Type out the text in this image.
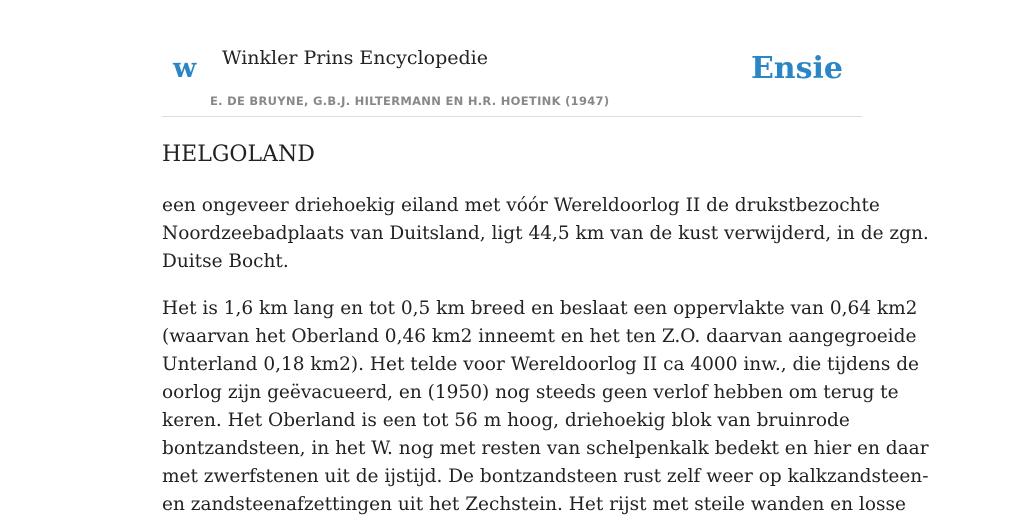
w Winkler Prins Encyclopedie
E. DE BRUYNE, G.B.J. HILTERMANN EN H.R. HOETINK (1947)
Ensie
HELGOLAND

een ongeveer driehoekig eiland met vóór Wereldoorlog II de drukstbezochte
Noordzeebadplaats van Duitsland, ligt 44,5 km van de kust verwijderd, in de zgn.
Duitse Bocht.

Het is 1,6 km lang en tot 0,5 km breed en beslaat een oppervlakte van 0,64 km2
(waarvan het Oberland 0,46 km2 inneemt en het ten Z.O. daarvan aangegroeide
Unterland 0,18 km2). Het telde voor Wereldoorlog II ca 4000 inw., die tijdens de
oorlog zijn geëvacueerd, en (1950) nog steeds geen verlof hebben om terug te
keren. Het Oberland is een tot 56 m hoog, driehoekig blok van bruinrode
bontzandsteen, in het W. nog met resten van schelpenkalk bedekt en hier en daar
met zwerfstenen uit de ijstijd. De bontzandsteen rust zelf weer op kalkzandsteen-
en zandsteenafzettingen uit het Zechstein. Het rijst met steile wanden en losse
